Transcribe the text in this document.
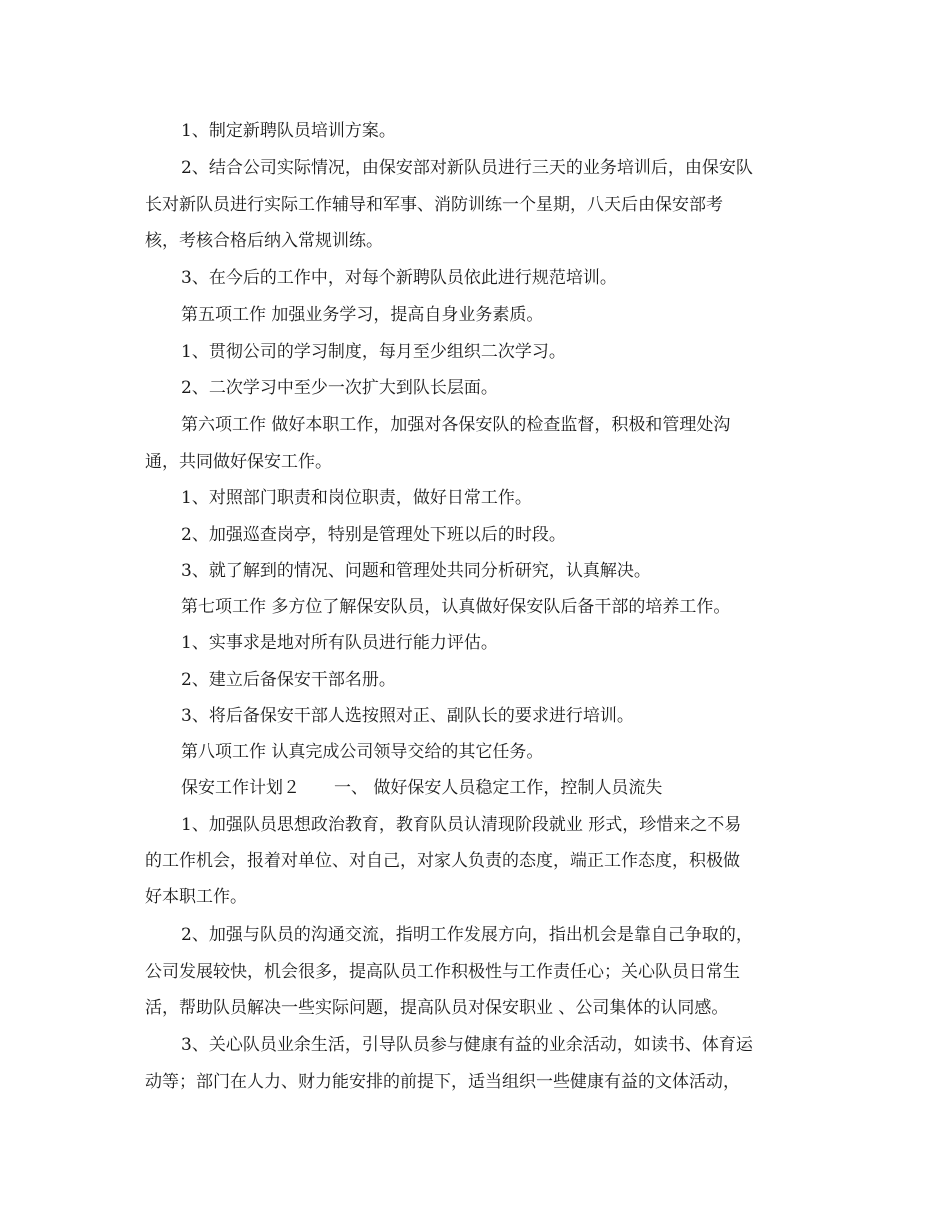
1、制定新聘队员培训方案。
2、结合公司实际情况，由保安部对新队员进行三天的业务培训后，由保安队
长对新队员进行实际工作辅导和军事、消防训练一个星期，八天后由保安部考
核，考核合格后纳入常规训练。
3、在今后的工作中，对每个新聘队员依此进行规范培训。
第五项工作 加强业务学习，提高自身业务素质。
1、贯彻公司的学习制度，每月至少组织二次学习。
2、二次学习中至少一次扩大到队长层面。
第六项工作 做好本职工作，加强对各保安队的检查监督，积极和管理处沟
通，共同做好保安工作。
1、对照部门职责和岗位职责，做好日常工作。
2、加强巡查岗亭，特别是管理处下班以后的时段。
3、就了解到的情况、问题和管理处共同分析研究，认真解决。
第七项工作 多方位了解保安队员，认真做好保安队后备干部的培养工作。
1、实事求是地对所有队员进行能力评估。
2、建立后备保安干部名册。
3、将后备保安干部人选按照对正、副队长的要求进行培训。
第八项工作 认真完成公司领导交给的其它任务。
保安工作计划２　　一、 做好保安人员稳定工作，控制人员流失
1、加强队员思想政治教育，教育队员认清现阶段就业 形式，珍惜来之不易
的工作机会，报着对单位、对自己，对家人负责的态度，端正工作态度，积极做
好本职工作。
2、加强与队员的沟通交流，指明工作发展方向，指出机会是靠自己争取的，
公司发展较快，机会很多，提高队员工作积极性与工作责任心；关心队员日常生
活，帮助队员解决一些实际问题，提高队员对保安职业 、公司集体的认同感。
3、关心队员业余生活，引导队员参与健康有益的业余活动，如读书、体育运
动等；部门在人力、财力能安排的前提下，适当组织一些健康有益的文体活动，
